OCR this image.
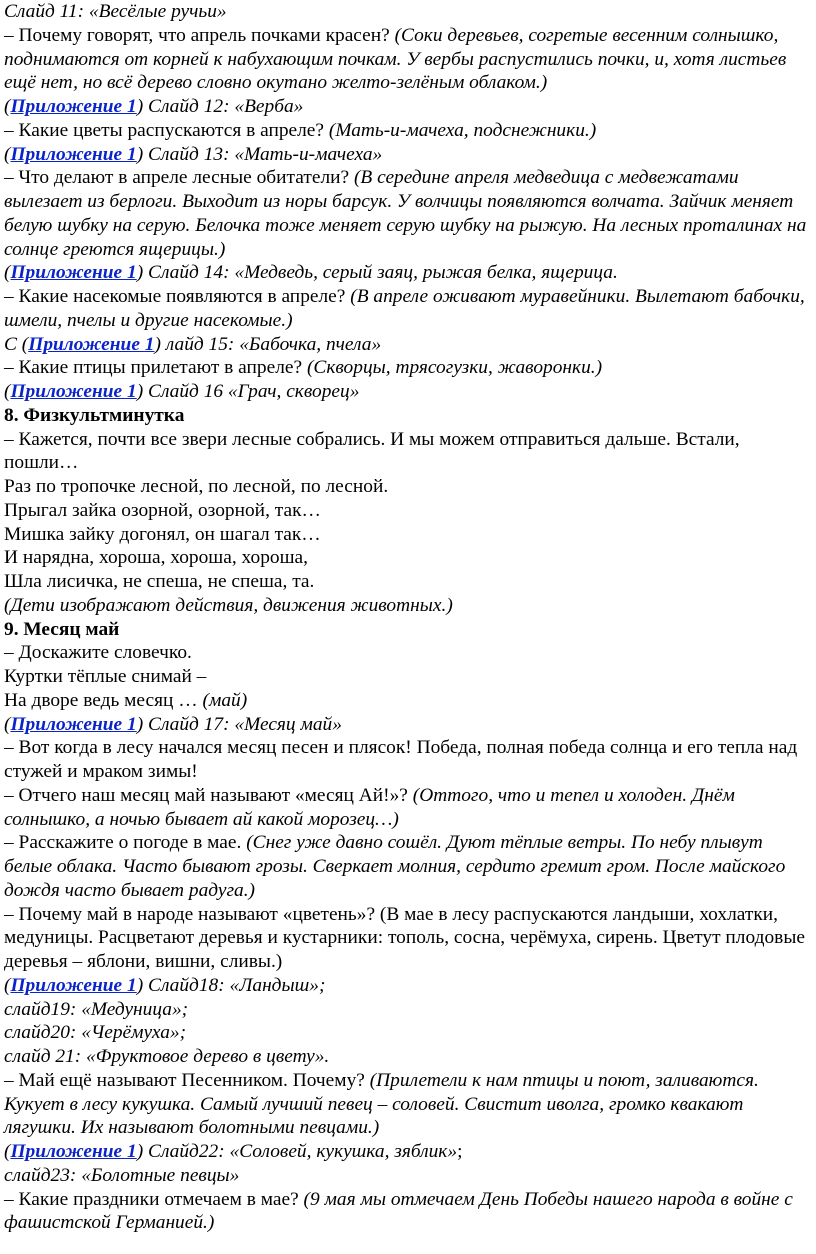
Слайд 11: «Весёлые ручьи»

– Почему говорят, что апрель почками красен? (Соки деревьев, согретые весенним солнышко, поднимаются от корней к набухающим почкам. У вербы распустились почки, и, хотя листьев ещё нет, но всё дерево словно окутано желто-зелёным облаком.)

(Приложение 1) Слайд 12: «Верба»

– Какие цветы распускаются в апреле? (Мать-и-мачеха, подснежники.)

(Приложение 1) Слайд 13: «Мать-и-мачеха»

– Что делают в апреле лесные обитатели? (В середине апреля медведица с медвежатами вылезает из берлоги. Выходит из норы барсук. У волчицы появляются волчата. Зайчик меняет белую шубку на серую. Белочка тоже меняет серую шубку на рыжую. На лесных проталинах на солнце греются ящерицы.)

(Приложение 1) Слайд 14: «Медведь, серый заяц, рыжая белка, ящерица.

– Какие насекомые появляются в апреле? (В апреле оживают муравейники. Вылетают бабочки, шмели, пчелы и другие насекомые.)

С (Приложение 1) лайд 15: «Бабочка, пчела»

– Какие птицы прилетают в апреле? (Скворцы, трясогузки, жаворонки.)

(Приложение 1) Слайд 16 «Грач, скворец»

8. Физкультминутка

– Кажется, почти все звери лесные собрались. И мы можем отправиться дальше. Встали, пошли…

Раз по тропочке лесной, по лесной, по лесной.

Прыгал зайка озорной, озорной, так…

Мишка зайку догонял, он шагал так…

И нарядна, хороша, хороша, хороша,

Шла лисичка, не спеша, не спеша, та.

(Дети изображают действия, движения животных.)

9. Месяц май

– Доскажите словечко.

Куртки тёплые снимай –

На дворе ведь месяц … (май)

(Приложение 1) Слайд 17: «Месяц май»

– Вот когда в лесу начался месяц песен и плясок! Победа, полная победа солнца и его тепла над стужей и мраком зимы!

– Отчего наш месяц май называют «месяц Ай!»? (Оттого, что и тепел и холоден. Днём солнышко, а ночью бывает ай какой морозец…)

– Расскажите о погоде в мае. (Снег уже давно сошёл. Дуют тёплые ветры. По небу плывут белые облака. Часто бывают грозы. Сверкает молния, сердито гремит гром. После майского дождя часто бывает радуга.)

– Почему май в народе называют «цветень»? (В мае в лесу распускаются ландыши, хохлатки, медуницы. Расцветают деревья и кустарники: тополь, сосна, черёмуха, сирень. Цветут плодовые деревья – яблони, вишни, сливы.)

(Приложение 1) Слайд18: «Ландыш»;

слайд19: «Медуница»;

слайд20: «Черёмуха»;

слайд 21: «Фруктовое дерево в цвету».

– Май ещё называют Песенником. Почему? (Прилетели к нам птицы и поют, заливаются. Кукует в лесу кукушка. Самый лучший певец – соловей. Свистит иволга, громко квакают лягушки. Их называют болотными певцами.)

(Приложение 1) Слайд22: «Соловей, кукушка, зяблик»;

слайд23: «Болотные певцы»

– Какие праздники отмечаем в мае? (9 мая мы отмечаем День Победы нашего народа в войне с фашистской Германией.)
